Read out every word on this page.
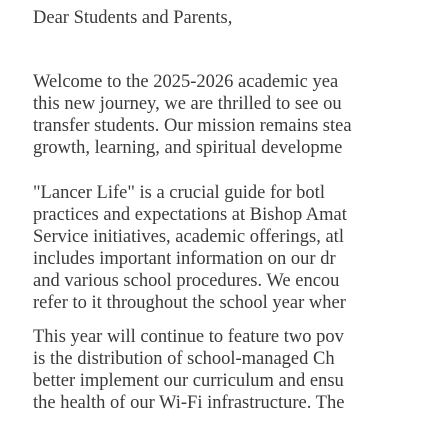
Dear Students and Parents,

Welcome to the 2025-2026 academic yea
this new journey, we are thrilled to see ou
transfer students. Our mission remains stea
growth, learning, and spiritual developme

"Lancer Life" is a crucial guide for botl
practices and expectations at Bishop Amat
Service initiatives, academic offerings, atl
includes important information on our dr
and various school procedures. We encou
refer to it throughout the school year wher

This year will continue to feature two pov
is the distribution of school-managed Ch
better implement our curriculum and ensu
the health of our Wi-Fi infrastructure. The
